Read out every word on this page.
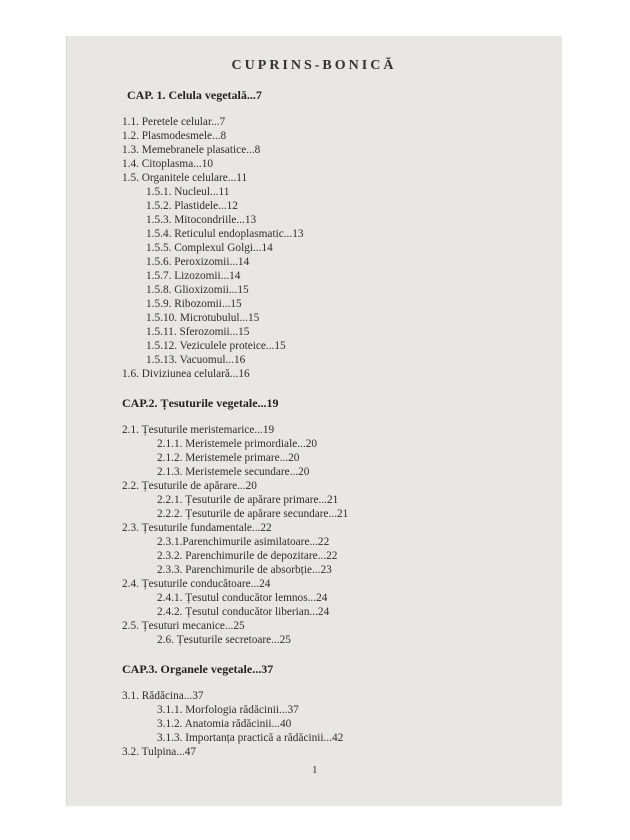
CUPRINS-BONICĂ
CAP. 1. Celula vegetală...7
1.1. Peretele celular...7
1.2. Plasmodesmele...8
1.3. Memebranele plasatice...8
1.4. Citoplasma...10
1.5. Organitele celulare...11
1.5.1. Nucleul...11
1.5.2. Plastidele...12
1.5.3. Mitocondriile...13
1.5.4. Reticulul endoplasmatic...13
1.5.5. Complexul Golgi...14
1.5.6. Peroxizomii...14
1.5.7. Lizozomii...14
1.5.8. Glioxizomii...15
1.5.9. Ribozomii...15
1.5.10. Microtubulul...15
1.5.11. Sferozomii...15
1.5.12. Veziculele proteice...15
1.5.13. Vacuomul...16
1.6. Diviziunea celulară...16
CAP.2. Țesuturile vegetale...19
2.1. Țesuturile meristemarice...19
2.1.1. Meristemele primordiale...20
2.1.2. Meristemele primare...20
2.1.3. Meristemele secundare...20
2.2. Țesuturile de apărare...20
2.2.1. Țesuturile de apărare primare...21
2.2.2. Țesuturile de apărare secundare...21
2.3. Țesuturile fundamentale...22
2.3.1.Parenchimurile asimilatoare...22
2.3.2. Parenchimurile de depozitare...22
2.3.3. Parenchimurile de absorbție...23
2.4. Țesuturile conducătoare...24
2.4.1. Țesutul conducător lemnos...24
2.4.2. Țesutul conducător liberian...24
2.5. Țesuturi mecanice...25
2.6. Țesuturile secretoare...25
CAP.3. Organele vegetale...37
3.1. Rădăcina...37
3.1.1. Morfologia rădăcinii...37
3.1.2. Anatomia rădăcinii...40
3.1.3. Importanța practică a rădăcinii...42
3.2. Tulpina...47
1
